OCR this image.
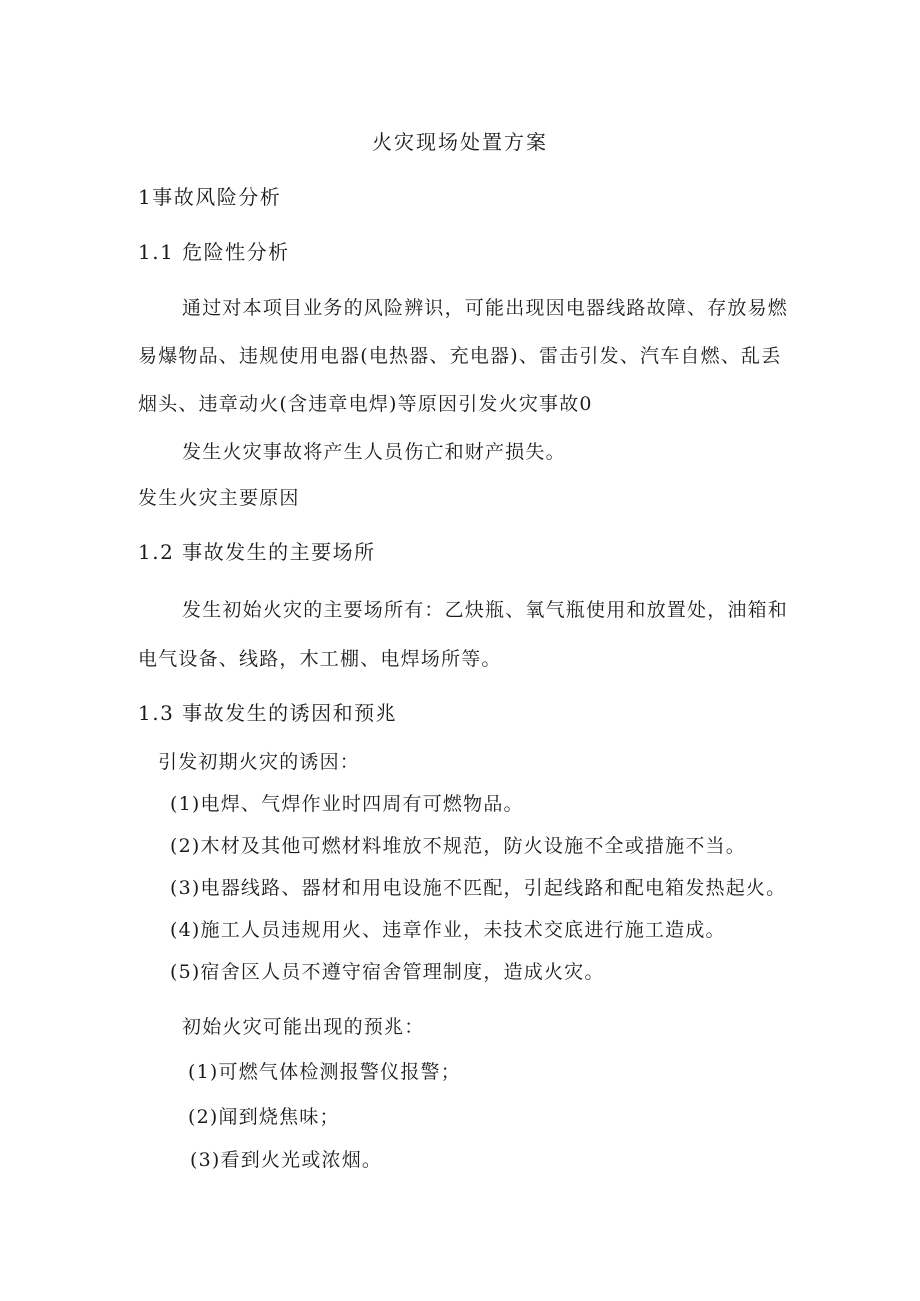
火灾现场处置方案
1事故风险分析
1.1 危险性分析
通过对本项目业务的风险辨识，可能出现因电器线路故障、存放易燃
易爆物品、违规使用电器(电热器、充电器)、雷击引发、汽车自燃、乱丢
烟头、违章动火(含违章电焊)等原因引发火灾事故0
发生火灾事故将产生人员伤亡和财产损失。
发生火灾主要原因
1.2 事故发生的主要场所
发生初始火灾的主要场所有：乙炔瓶、氧气瓶使用和放置处，油箱和
电气设备、线路，木工棚、电焊场所等。
1.3 事故发生的诱因和预兆
引发初期火灾的诱因：
(1)电焊、气焊作业时四周有可燃物品。
(2)木材及其他可燃材料堆放不规范，防火设施不全或措施不当。
(3)电器线路、器材和用电设施不匹配，引起线路和配电箱发热起火。
(4)施工人员违规用火、违章作业，未技术交底进行施工造成。
(5)宿舍区人员不遵守宿舍管理制度，造成火灾。
初始火灾可能出现的预兆：
(1)可燃气体检测报警仪报警；
(2)闻到烧焦味；
(3)看到火光或浓烟。
